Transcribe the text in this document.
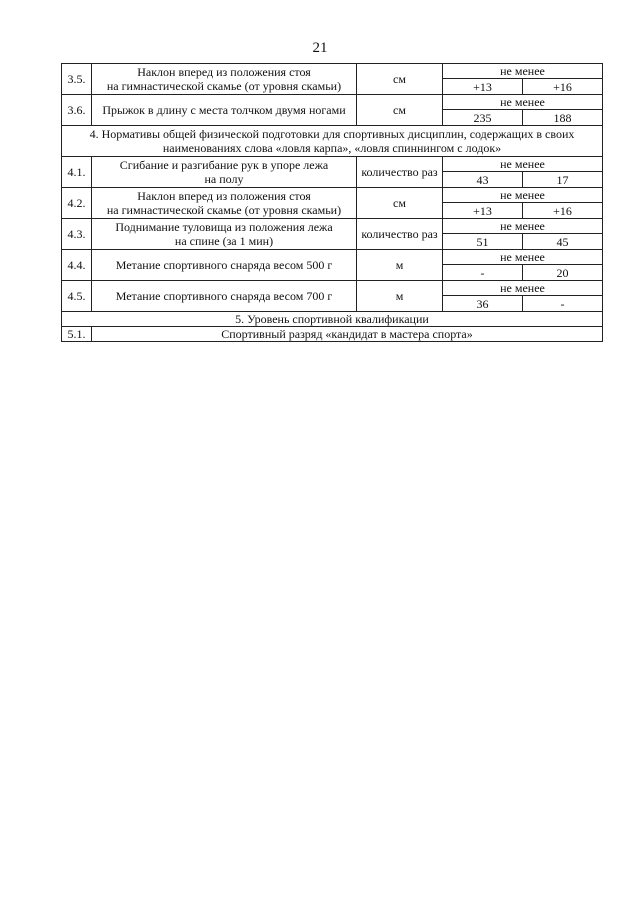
21
3.5.	Наклон вперед из положения стоя
на гимнастической скамье (от уровня скамьи)	см	не менее	
			+13	+16
3.6.	Прыжок в длину с места толчком двумя ногами	см	не менее	
			235	188
4. Нормативы общей физической подготовки для спортивных дисциплин, содержащих в своих
наименованиях слова «ловля карпа», «ловля спиннингом с лодок»				
4.1.	Сгибание и разгибание рук в упоре лежа
на полу	количество раз	не менее	
			43	17
4.2.	Наклон вперед из положения стоя
на гимнастической скамье (от уровня скамьи)	см	не менее	
			+13	+16
4.3.	Поднимание туловища из положения лежа
на спине (за 1 мин)	количество раз	не менее	
			51	45
4.4.	Метание спортивного снаряда весом 500 г	м	не менее	
			-	20
4.5.	Метание спортивного снаряда весом 700 г	м	не менее	
			36	-
5. Уровень спортивной квалификации				
5.1.	Спортивный разряд «кандидат в мастера спорта»			
